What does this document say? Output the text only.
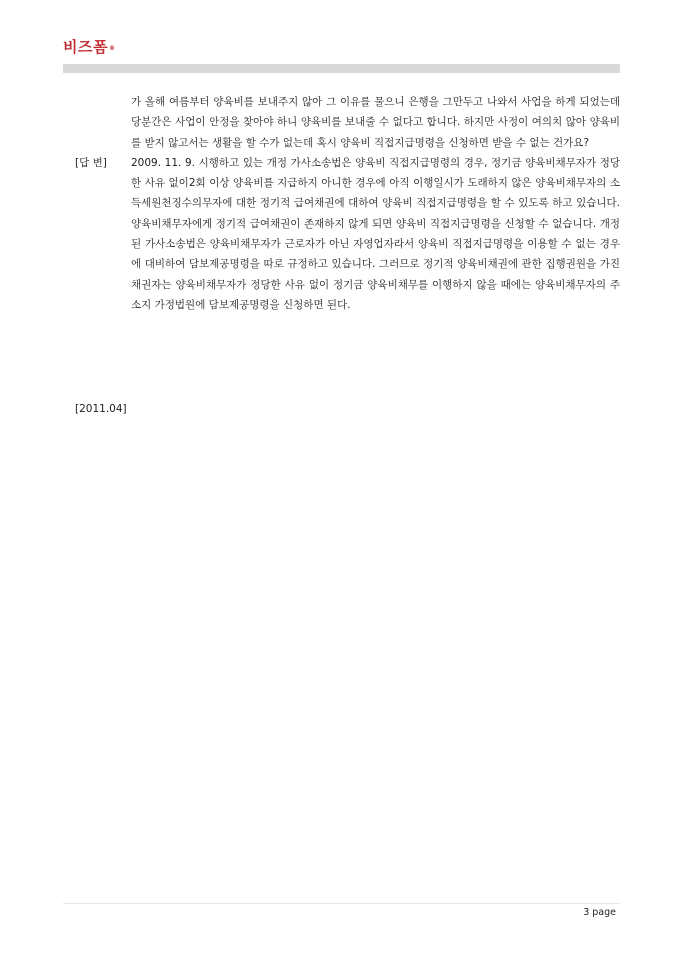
비즈폼®
가 올해 여름부터 양육비를 보내주지 않아 그 이유를 물으니 은행을 그만두고 나와서 사업을 하게 되었는데 당분간은 사업이 안정을 찾아야 하니 양육비를 보내줄 수 없다고 합니다. 하지만 사정이 여의치 않아 양육비를 받지 않고서는 생활을 할 수가 없는데 혹시 양육비 직접지급명령을 신청하면 받을 수 없는 건가요?
[답 변]	2009. 11. 9. 시행하고 있는 개정 가사소송법은 양육비 직접지급명령의 경우, 정기금 양육비채무자가 정당한 사유 없이2회 이상 양육비를 지급하지 아니한 경우에 아직 이행일시가 도래하지 않은 양육비채무자의 소득세원천징수의무자에 대한 정기적 급여채권에 대하여 양육비 직접지급명령을 할 수 있도록 하고 있습니다. 양육비채무자에게 정기적 급여채권이 존재하지 않게 되면 양육비 직접지급명령을 신청할 수 없습니다. 개정된 가사소송법은 양육비채무자가 근로자가 아닌 자영업자라서 양육비 직접지급명령을 이용할 수 없는 경우에 대비하여 담보제공명령을 따로 규정하고 있습니다. 그러므로 정기적 양육비채권에 관한 집행권원을 가진 채권자는 양육비채무자가 정당한 사유 없이 정기금 양육비채무를 이행하지 않을 때에는 양육비채무자의 주소지 가정법원에 담보제공명령을 신청하면 된다.
[2011.04]
3 page
